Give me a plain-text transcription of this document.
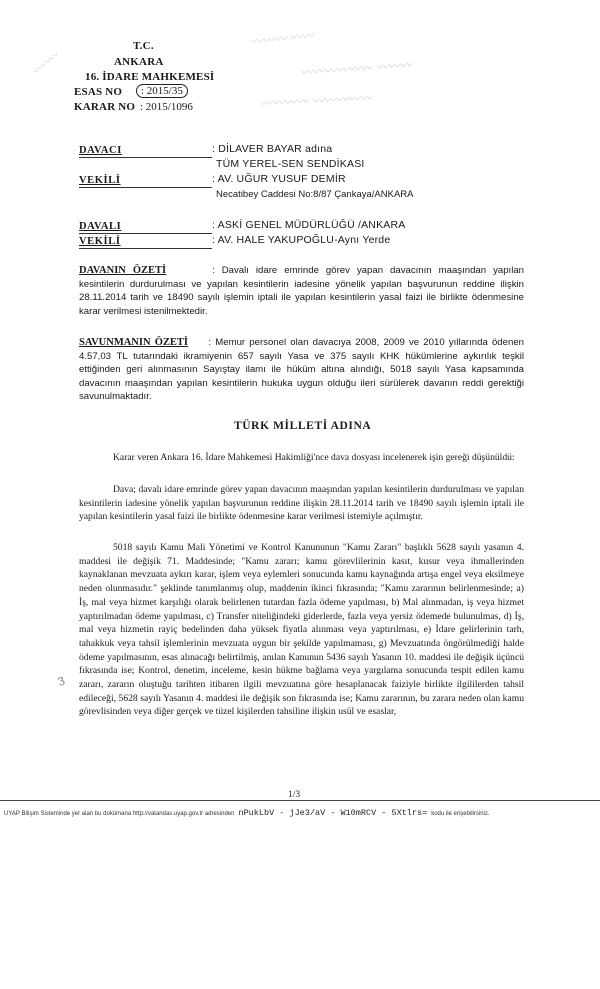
〰〰〰 〰〰
〰〰〰〰〰〰 〰〰〰
〰〰〰〰 〰〰〰〰〰
〰〰〰
T.C.
ANKARA
16. İDARE MAHKEMESİ
ESAS NO	: 2015/35
KARAR NO : 2015/1096
DAVACI	: DİLAVER BAYAR adına
TÜM YEREL-SEN SENDİKASI
VEKİLİ	: AV. UĞUR YUSUF DEMİR
Necatibey Caddesi No:8/87 Çankaya/ANKARA
DAVALI	: ASKİ GENEL MÜDÜRLÜĞÜ /ANKARA
VEKİLİ	: AV. HALE YAKUPOĞLU-Aynı Yerde
DAVANIN ÖZETİ	: Davalı idare emrinde görev yapan davacının maaşından yapılan kesintilerin durdurulması ve yapılan kesintilerin iadesine yönelik yapılan başvurunun reddine ilişkin 28.11.2014 tarih ve 18490 sayılı işlemin iptali ile yapılan kesintilerin yasal faizi ile birlikte ödenmesine karar verilmesi istenilmektedir.
SAVUNMANIN ÖZETİ : Memur personel olan davacıya 2008, 2009 ve 2010 yıllarında ödenen 4.57,03 TL tutarındaki ikramiyenin 657 sayılı Yasa ve 375 sayılı KHK hükümlerine aykırılık teşkil ettiğinden geri alınmasının Sayıştay ilamı ile hüküm altına alındığı, 5018 sayılı Yasa kapsamında davacının maaşından yapılan kesintilerin hukuka uygun olduğu ileri sürülerek davanın reddi gerektiği savunulmaktadır.
TÜRK MİLLETİ ADINA
Karar veren Ankara 16. İdare Mahkemesi Hakimliği'nce dava dosyası incelenerek işin gereği düşünüldü:
Dava; davalı idare emrinde görev yapan davacının maaşından yapılan kesintilerin durdurulması ve yapılan kesintilerin iadesine yönelik yapılan başvurunun reddine ilişkin 28.11.2014 tarih ve 18490 sayılı işlemin iptali ile yapılan kesintilerin yasal faizi ile birlikte ödenmesine karar verilmesi istemiyle açılmıştır.
5018 sayılı Kamu Mali Yönetimi ve Kontrol Kanununun "Kamu Zararı" başlıklı 5628 sayılı yasanın 4. maddesi ile değişik 71. Maddesinde; "Kamu zararı; kamu görevlilerinin kasıt, kusur veya ihmallerinden kaynaklanan mevzuata aykırı karar, işlem veya eylemleri sonucunda kamu kaynağında artışa engel veya eksilmeye neden olunmasıdır." şeklinde tanımlanmış olup, maddenin ikinci fıkrasında; "Kamu zararının belirlenmesinde; a) İş, mal veya hizmet karşılığı olarak belirlenen tutardan fazla ödeme yapılması, b) Mal alınmadan, iş veya hizmet yaptırılmadan ödeme yapılması, c) Transfer niteliğindeki giderlerde, fazla veya yersiz ödemede bulunulmas, d) İş, mal veya hizmetin rayiç bedelinden daha yüksek fiyatla alınması veya yaptırılması, e) İdare gelirlerinin tarh, tahakkuk veya tahsil işlemlerinin mevzuata uygun bir şekilde yapılmaması, g) Mevzuatında öngörülmediği halde ödeme yapılmasının, esas alınacağı belirtilmiş, anılan Kanunun 5436 sayılı Yasanın 10. maddesi ile değişik üçüncü fıkrasında ise; Kontrol, denetim, inceleme, kesin hükme bağlama veya yargılama sonucunda tespit edilen kamu zararı, zararın oluştuğu tarihten itibaren ilgili mevzuatına göre hesaplanacak faiziyle birlikte ilgililerden tahsil edileceği, 5628 sayılı Yasanın 4. maddesi ile değişik son fıkrasında ise; Kamu zararının, bu zarara neden olan kamu görevlisinden veya diğer gerçek ve tüzel kişilerden tahsiline ilişkin usül ve esaslar,
3
1/3
UYAP Bilişim Sisteminde yer alan bu dokümana http://vatandas.uyap.gov.tr adresinden nPukLbV - jJe3/aV - W10mRCV - 5Xtlrs= kodu ile erişebilirsiniz.
